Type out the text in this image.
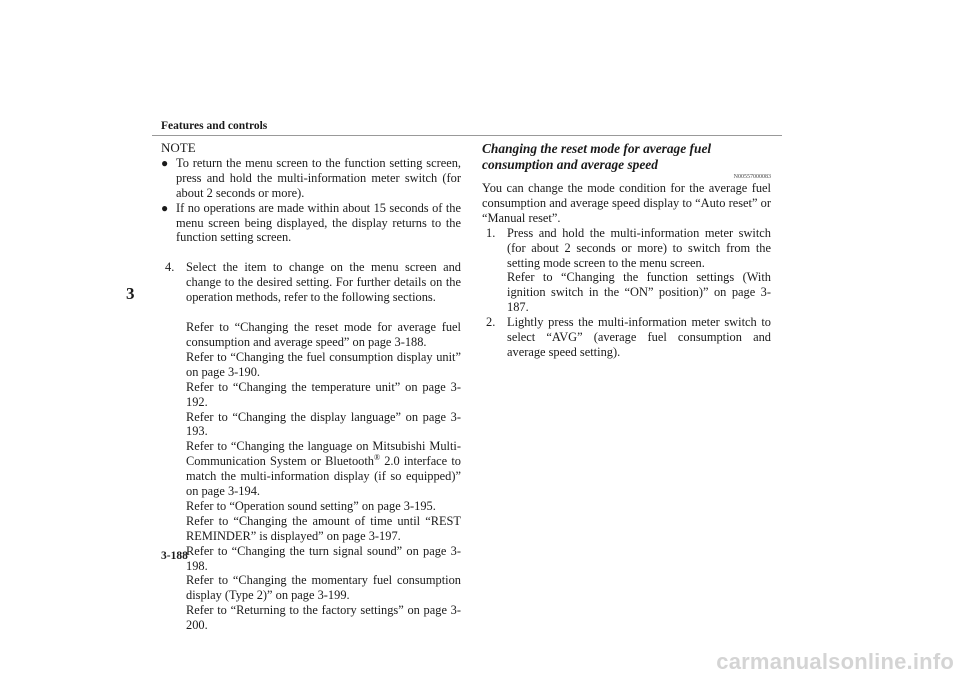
Features and controls
3
3-188
NOTE
● To return the menu screen to the function setting screen, press and hold the multi-information meter switch (for about 2 seconds or more).
● If no operations are made within about 15 seconds of the menu screen being displayed, the display returns to the function setting screen.
4. Select the item to change on the menu screen and change to the desired setting. For further details on the operation methods, refer to the following sections.
Refer to “Changing the reset mode for average fuel consumption and average speed” on page 3-188.
Refer to “Changing the fuel consumption display unit” on page 3-190.
Refer to “Changing the temperature unit” on page 3-192.
Refer to “Changing the display language” on page 3-193.
Refer to “Changing the language on Mitsubishi Multi-Communication System or Bluetooth® 2.0 interface to match the multi-information display (if so equipped)” on page 3-194.
Refer to “Operation sound setting” on page 3-195.
Refer to “Changing the amount of time until “REST REMINDER” is displayed” on page 3-197.
Refer to “Changing the turn signal sound” on page 3-198.
Refer to “Changing the momentary fuel consumption display (Type 2)” on page 3-199.
Refer to “Returning to the factory settings” on page 3-200.
Changing the reset mode for average fuel consumption and average speed
N00557000083
You can change the mode condition for the average fuel consumption and average speed display to “Auto reset” or “Manual reset”.
1. Press and hold the multi-information meter switch (for about 2 seconds or more) to switch from the setting mode screen to the menu screen.
Refer to “Changing the function settings (With ignition switch in the “ON” position)” on page 3-187.
2. Lightly press the multi-information meter switch to select “AVG” (average fuel consumption and average speed setting).
carmanualsonline.info
